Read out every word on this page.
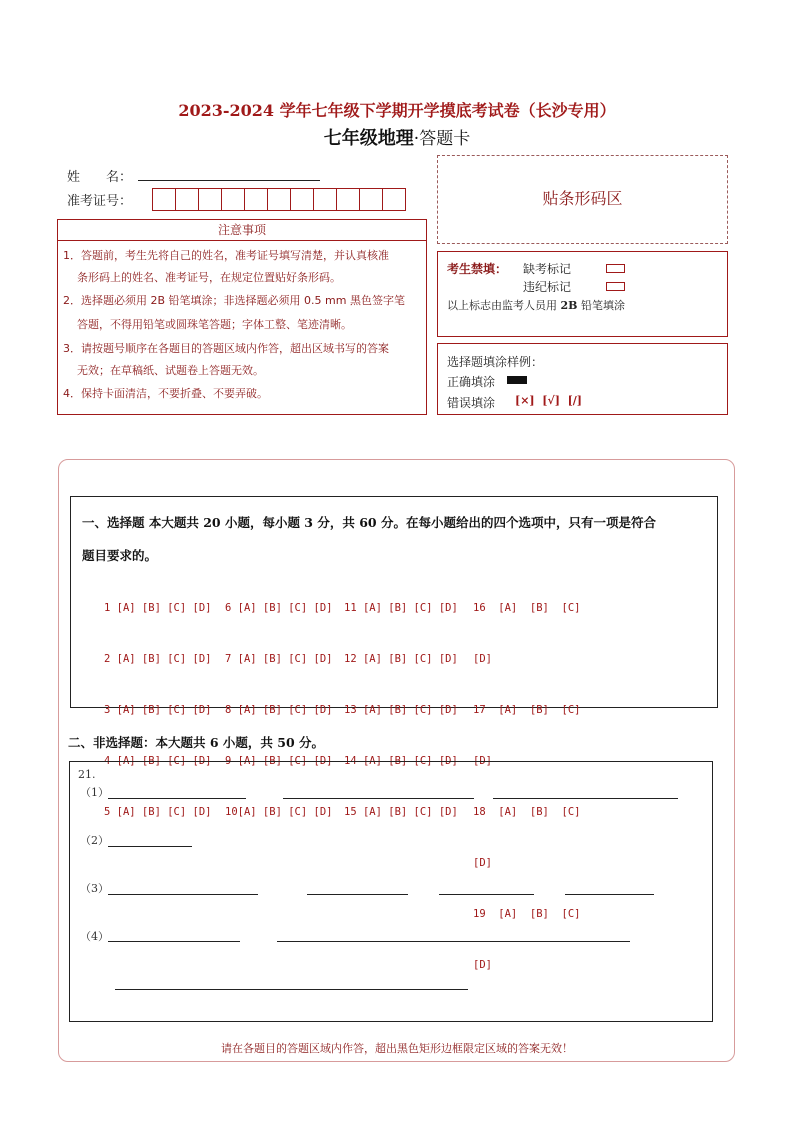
2023-2024 学年七年级下学期开学摸底考试卷（长沙专用）
七年级地理·答题卡
姓　　名：
准考证号：
注意事项
1．答题前，考生先将自己的姓名，准考证号填写清楚，并认真核准
条形码上的姓名、准考证号，在规定位置贴好条形码。
2．选择题必须用 2B 铅笔填涂；非选择题必须用 0.5 mm 黑色签字笔
答题，不得用铅笔或圆珠笔答题；字体工整、笔迹清晰。
3．请按题号顺序在各题目的答题区域内作答，超出区域书写的答案
无效；在草稿纸、试题卷上答题无效。
4．保持卡面清洁，不要折叠、不要弄破。
贴条形码区
考生禁填： 缺考标记
违纪标记
以上标志由监考人员用 2B 铅笔填涂
选择题填涂样例：
正确填涂
错误填涂 [×]  [√]  [/]
一、选择题 本大题共 20 小题，每小题 3 分，共 60 分。在每小题给出的四个选项中，只有一项是符合
题目要求的。

1 [A] [B] [C] [D]

2 [A] [B] [C] [D]

3 [A] [B] [C] [D]

4 [A] [B] [C] [D]

5 [A] [B] [C] [D]

6 [A] [B] [C] [D]

7 [A] [B] [C] [D]

8 [A] [B] [C] [D]

9 [A] [B] [C] [D]

10[A] [B] [C] [D]

11 [A] [B] [C] [D]

12 [A] [B] [C] [D]

13 [A] [B] [C] [D]

14 [A] [B] [C] [D]

15 [A] [B] [C] [D]

16  [A]  [B]  [C]

[D]

17  [A]  [B]  [C]

[D]

18  [A]  [B]  [C]

[D]

19  [A]  [B]  [C]

[D]

二、非选择题：本大题共 6 小题，共 50 分。
21.
（1）
（2）
（3）
（4）
请在各题目的答题区域内作答，超出黑色矩形边框限定区域的答案无效！
